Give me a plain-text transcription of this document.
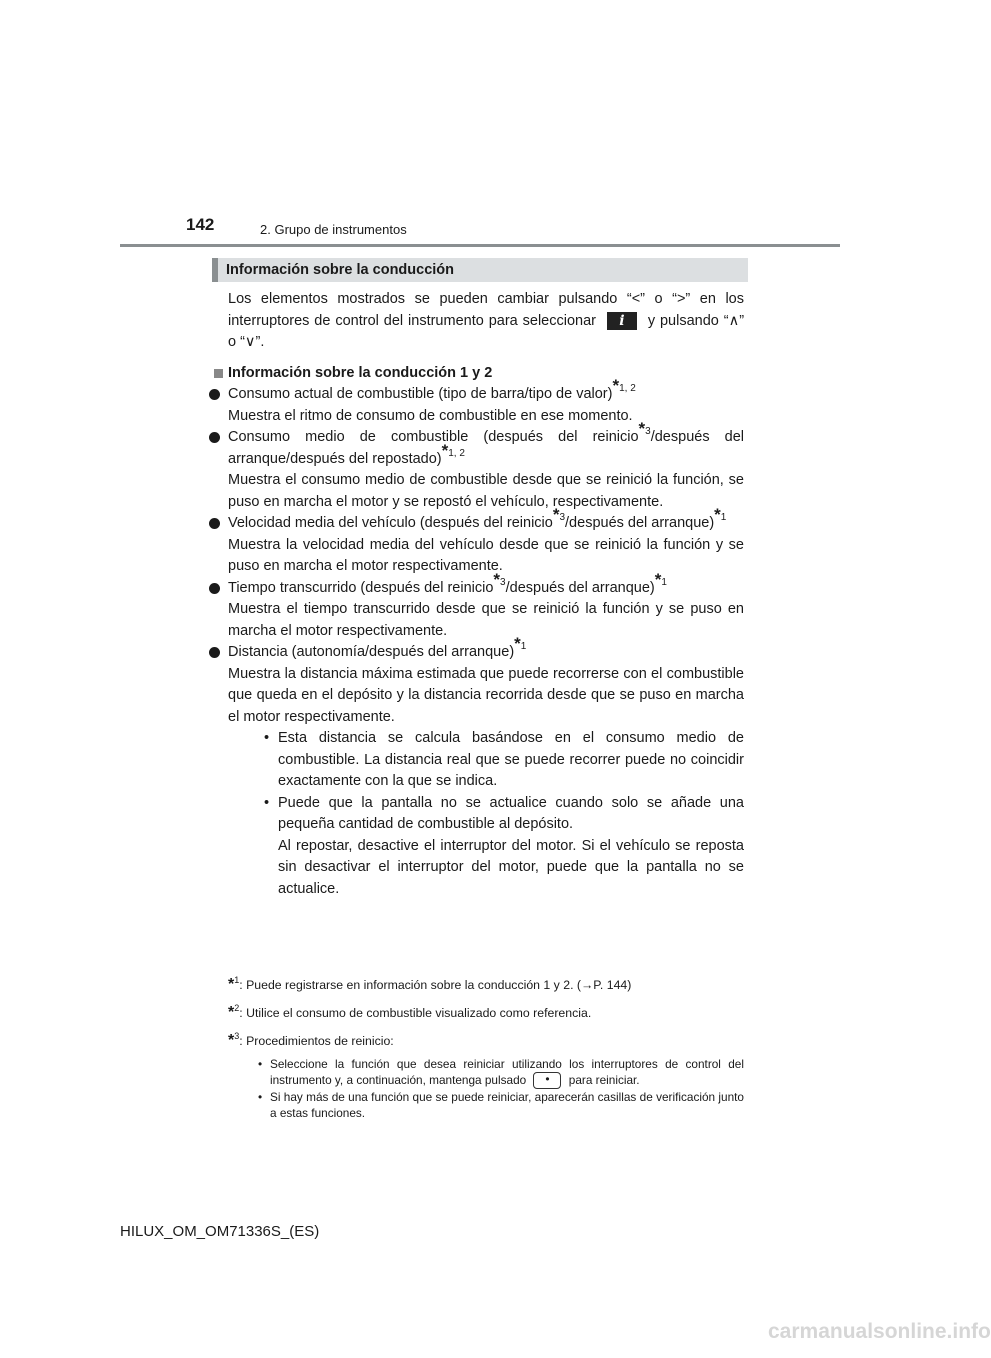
142	2. Grupo de instrumentos
Información sobre la conducción

Los elementos mostrados se pueden cambiar pulsando “<” o “>” en los interruptores de control del instrumento para seleccionar i y pulsando “∧” o “∨”.

Información sobre la conducción 1 y 2

Consumo actual de combustible (tipo de barra/tipo de valor)$^{*1, 2}$

Muestra el ritmo de consumo de combustible en ese momento.

Consumo medio de combustible (después del reinicio$^{*3}$/después del arranque/después del repostado)$^{*1, 2}$

Muestra el consumo medio de combustible desde que se reinició la función, se puso en marcha el motor y se repostó el vehículo, respectivamente.

Velocidad media del vehículo (después del reinicio$^{*3}$/después del arranque)$^{*1}$

Muestra la velocidad media del vehículo desde que se reinició la función y se puso en marcha el motor respectivamente.

Tiempo transcurrido (después del reinicio$^{*3}$/después del arranque)$^{*1}$

Muestra el tiempo transcurrido desde que se reinició la función y se puso en marcha el motor respectivamente.

Distancia (autonomía/después del arranque)$^{*1}$

Muestra la distancia máxima estimada que puede recorrerse con el combustible que queda en el depósito y la distancia recorrida desde que se puso en marcha el motor respectivamente.

• Esta distancia se calcula basándose en el consumo medio de combustible. La distancia real que se puede recorrer puede no coincidir exactamente con la que se indica.
• Puede que la pantalla no se actualice cuando solo se añade una pequeña cantidad de combustible al depósito.

Al repostar, desactive el interruptor del motor. Si el vehículo se reposta sin desactivar el interruptor del motor, puede que la pantalla no se actualice.

*$^1$: Puede registrarse en información sobre la conducción 1 y 2. (→P. 144)
*$^2$: Utilice el consumo de combustible visualizado como referencia.
*$^3$: Procedimientos de reinicio:
• Seleccione la función que desea reiniciar utilizando los interruptores de control del instrumento y, a continuación, mantenga pulsado • para reiniciar.
• Si hay más de una función que se puede reiniciar, aparecerán casillas de verificación junto a estas funciones.
HILUX_OM_OM71336S_(ES)
carmanualsonline.info
